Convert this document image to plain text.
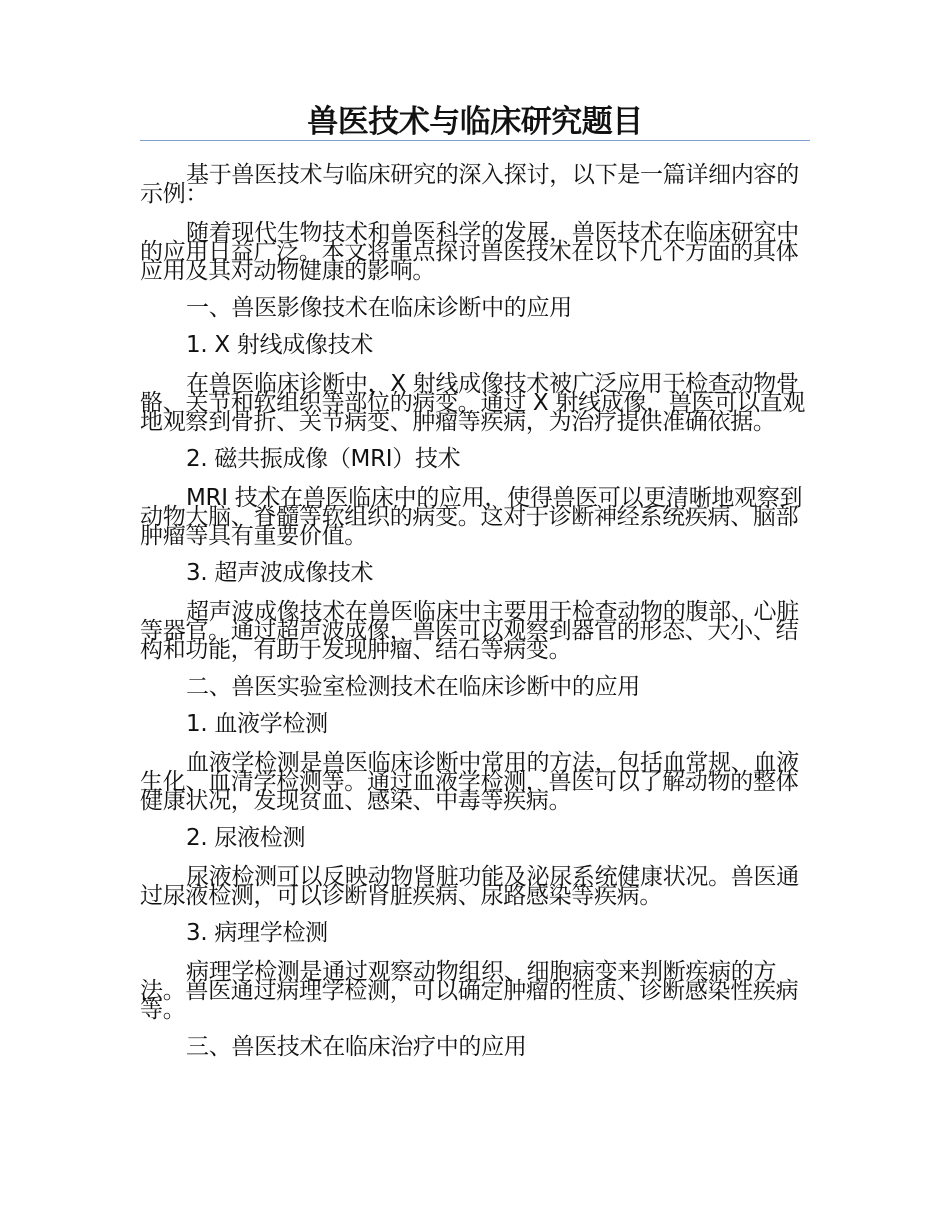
兽医技术与临床研究题目

基于兽医技术与临床研究的深入探讨，以下是一篇详细内容的示例：

随着现代生物技术和兽医科学的发展，兽医技术在临床研究中的应用日益广泛。本文将重点探讨兽医技术在以下几个方面的具体应用及其对动物健康的影响。

一、兽医影像技术在临床诊断中的应用

1. X 射线成像技术

在兽医临床诊断中，X 射线成像技术被广泛应用于检查动物骨骼、关节和软组织等部位的病变。通过 X 射线成像，兽医可以直观地观察到骨折、关节病变、肿瘤等疾病，为治疗提供准确依据。

2. 磁共振成像（MRI）技术

MRI 技术在兽医临床中的应用，使得兽医可以更清晰地观察到动物大脑、脊髓等软组织的病变。这对于诊断神经系统疾病、脑部肿瘤等具有重要价值。

3. 超声波成像技术

超声波成像技术在兽医临床中主要用于检查动物的腹部、心脏等器官。通过超声波成像，兽医可以观察到器官的形态、大小、结构和功能，有助于发现肿瘤、结石等病变。

二、兽医实验室检测技术在临床诊断中的应用

1. 血液学检测

血液学检测是兽医临床诊断中常用的方法，包括血常规、血液生化、血清学检测等。通过血液学检测，兽医可以了解动物的整体健康状况，发现贫血、感染、中毒等疾病。

2. 尿液检测

尿液检测可以反映动物肾脏功能及泌尿系统健康状况。兽医通过尿液检测，可以诊断肾脏疾病、尿路感染等疾病。

3. 病理学检测

病理学检测是通过观察动物组织、细胞病变来判断疾病的方法。兽医通过病理学检测，可以确定肿瘤的性质、诊断感染性疾病等。

三、兽医技术在临床治疗中的应用
